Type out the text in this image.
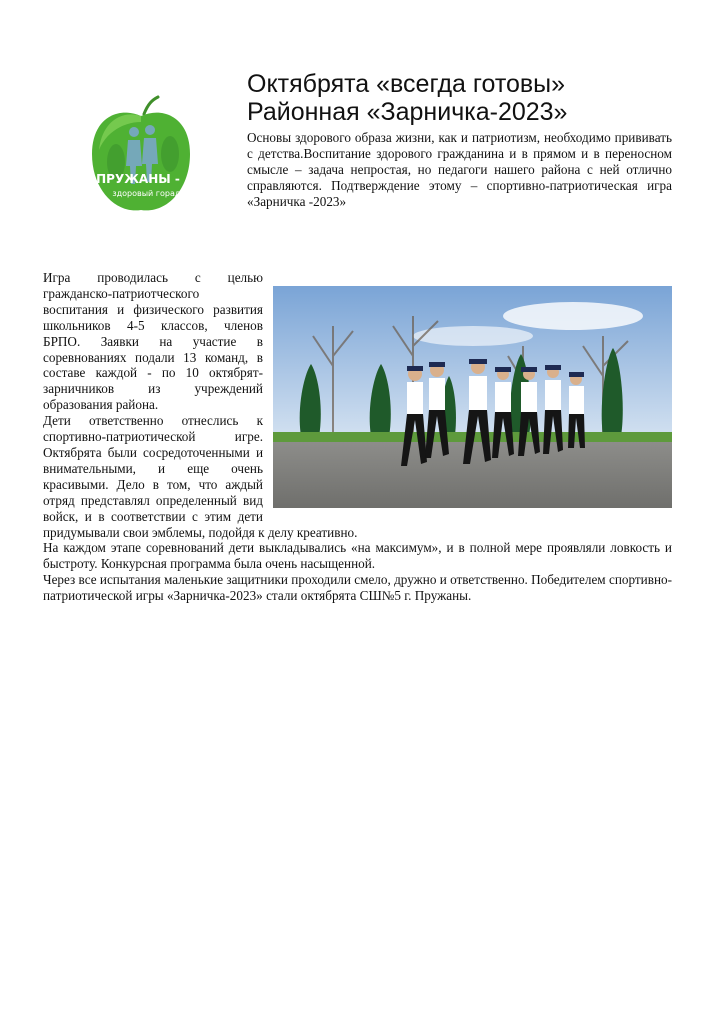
ПРУЖАНЫ -
здоровый горад!
Октябрята «всегда готовы»
Районная «Зарничка-2023»

Основы здорового образа жизни, как и патриотизм, необходимо прививать с детства.Воспитание здорового гражданина и в прямом и в переносном смысле – задача непростая, но педагоги нашего района с ней отлично справляются. Подтверждение этому – спортивно-патриотическая игра «Зарничка -2023»

Игра проводилась с целью гражданско-патриотческого воспитания и физического развития школьников 4-5 классов, членов БРПО. Заявки на участие в соревнованиях подали 13 команд, в составе каждой - по 10 октябрят-зарничников из учреждений образования района.

Дети ответственно отнеслись к спортивно-патриотической игре. Октябрята были сосредоточенными и внимательными, и еще очень красивыми. Дело в том, что аждый отряд представлял определенный вид войск, и в соответствии с этим дети придумывали свои эмблемы, подойдя к делу креативно.

На каждом этапе соревнований дети выкладывались «на максимум», и в полной мере проявляли ловкость и быстроту. Конкурсная программа была очень насыщенной.

Через все испытания маленькие защитники проходили смело, дружно и ответственно. Победителем спортивно-патриотической игры «Зарничка-2023» стали октябрята СШ№5 г. Пружаны.
